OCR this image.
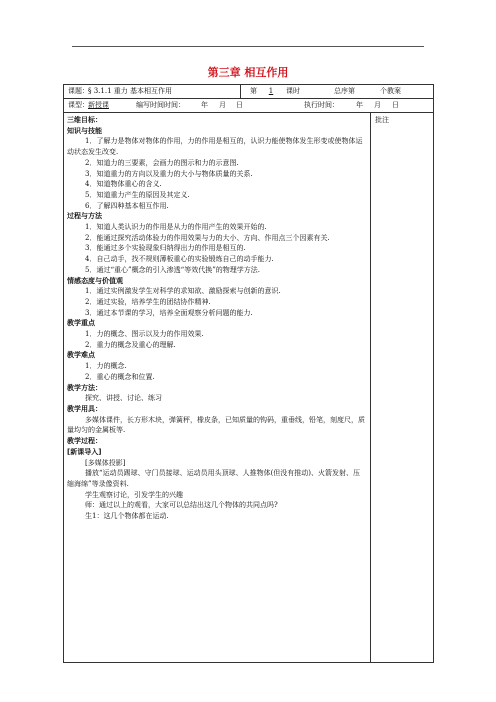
第三章 相互作用
课题： § 3.1.1 重力 基本相互作用	第	1	课时	总序第	个教案
课型： 新授课	编写时间时间： 年 月 日	执行时间： 年 月 日

三维目标：

知识与技能

1．了解力是物体对物体的作用，力的作用是相互的，认识力能使物体发生形变或使物体运动状态发生改变.

2．知道力的三要素，会画力的图示和力的示意图.

3．知道重力的方向以及重力的大小与物体质量的关系.

4．知道物体重心的含义.

5．知道重力产生的原因及其定义.

6．了解四种基本相互作用.

过程与方法

1．知道人类认识力的作用是从力的作用产生的效果开始的.

2．能通过探究活动体验力的作用效果与力的大小、方向、作用点三个因素有关.

3．能通过多个实验现象归纳得出力的作用是相互的.

4．自己动手，找不规则薄板重心的实验锻炼自己的动手能力.

5．通过“重心”概念的引入渗透“等效代换”的物理学方法.

情感态度与价值观

1．通过实例激发学生对科学的求知欲、激励探索与创新的意识.

2．通过实验，培养学生的团结协作精神.

3．通过本节课的学习，培养全面观察分析问题的能力.

教学重点

1．力的概念、图示以及力的作用效果.

2．重力的概念及重心的理解.

教学难点

1．力的概念.

2．重心的概念和位置.

教学方法：

探究、讲授、讨论、练习

教学用具：

多媒体课件，长方形木块，弹簧秤，橡皮条，已知质量的钩码，重垂线，铅笔，刻度尺，质量均匀的金属板等.

教学过程：

[新课导入]

[多媒体投影]

播放“运动员踢球、守门员接球、运动员用头顶球、人推物体(但没有推动)、火箭发射、压缩海绵”等录像资料.

学生观察讨论，引发学生的兴趣

师：通过以上的观看，大家可以总结出这几个物体的共同点吗?

生1：这几个物体都在运动.

批注
